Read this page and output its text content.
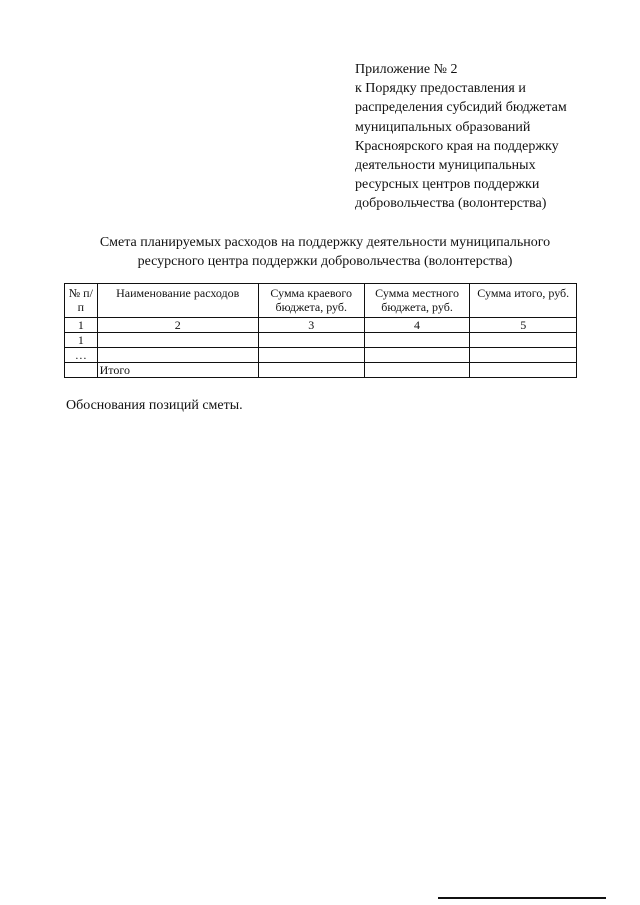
Приложение № 2
к Порядку предоставления и
распределения субсидий бюджетам
муниципальных образований
Красноярского края на поддержку
деятельности муниципальных
ресурсных центров поддержки
добровольчества (волонтерства)
Смета планируемых расходов на поддержку деятельности муниципального
ресурсного центра поддержки добровольчества (волонтерства)
№ п/п	Наименование расходов	Сумма краевого бюджета, руб.	Сумма местного бюджета, руб.	Сумма итого, руб.
1	2	3	4	5
1				
…				
	Итого			
Обоснования позиций сметы.
